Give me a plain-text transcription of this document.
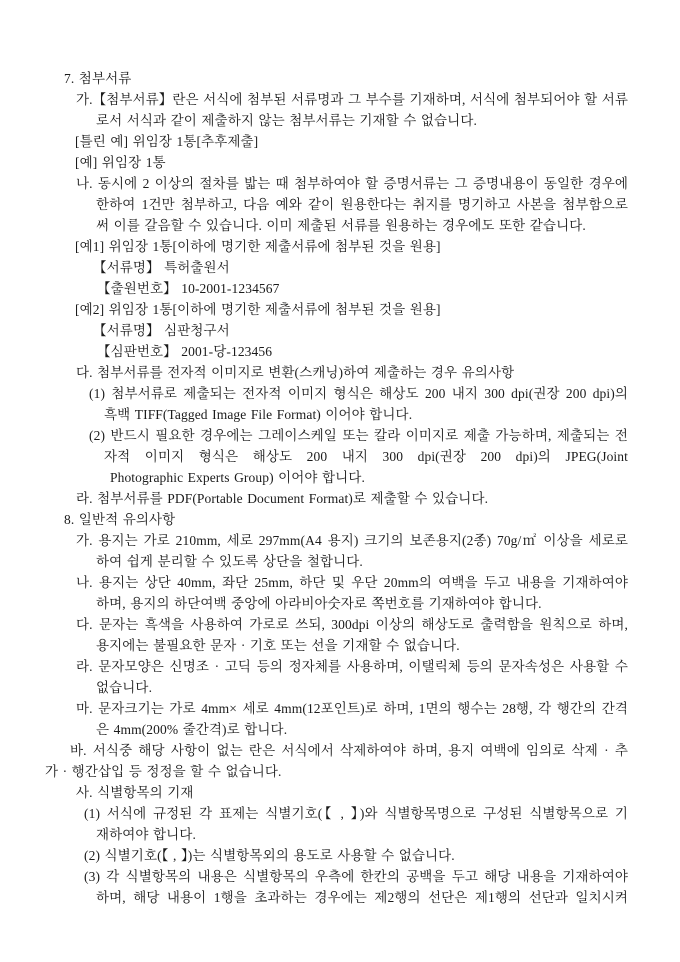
7. 첨부서류
가.【첨부서류】란은 서식에 첨부된 서류명과 그 부수를 기재하며, 서식에 첨부되어야 할 서류
로서 서식과 같이 제출하지 않는 첨부서류는 기재할 수 없습니다.
[틀린 예] 위임장 1통[추후제출]
[예] 위임장 1통
나. 동시에 2 이상의 절차를 밟는 때 첨부하여야 할 증명서류는 그 증명내용이 동일한 경우에
한하여 1건만 첨부하고, 다음 예와 같이 원용한다는 취지를 명기하고 사본을 첨부함으로
써 이를 갈음할 수 있습니다. 이미 제출된 서류를 원용하는 경우에도 또한 같습니다.
[예1] 위임장 1통[이하에 명기한 제출서류에 첨부된 것을 원용]
【서류명】 특허출원서
【출원번호】 10-2001-1234567
[예2] 위임장 1통[이하에 명기한 제출서류에 첨부된 것을 원용]
【서류명】 심판청구서
【심판번호】 2001-당-123456
다. 첨부서류를 전자적 이미지로 변환(스캐닝)하여 제출하는 경우 유의사항
(1) 첨부서류로 제출되는 전자적 이미지 형식은 해상도 200 내지 300 dpi(권장 200 dpi)의
흑백 TIFF(Tagged Image File Format) 이어야 합니다.
(2) 반드시 필요한 경우에는 그레이스케일 또는 칼라 이미지로 제출 가능하며, 제출되는 전
자적 이미지 형식은 해상도 200 내지 300 dpi(권장 200 dpi)의 JPEG(Joint
Photographic Experts Group) 이어야 합니다.
라. 첨부서류를 PDF(Portable Document Format)로 제출할 수 있습니다.
8. 일반적 유의사항
가. 용지는 가로 210mm, 세로 297mm(A4 용지) 크기의 보존용지(2종) 70g/㎡ 이상을 세로로
하여 쉽게 분리할 수 있도록 상단을 철합니다.
나. 용지는 상단 40mm, 좌단 25mm, 하단 및 우단 20mm의 여백을 두고 내용을 기재하여야
하며, 용지의 하단여백 중앙에 아라비아숫자로 쪽번호를 기재하여야 합니다.
다. 문자는 흑색을 사용하여 가로로 쓰되, 300dpi 이상의 해상도로 출력함을 원칙으로 하며,
용지에는 불필요한 문자 · 기호 또는 선을 기재할 수 없습니다.
라. 문자모양은 신명조 · 고딕 등의 정자체를 사용하며, 이탤릭체 등의 문자속성은 사용할 수
없습니다.
마. 문자크기는 가로 4mm× 세로 4mm(12포인트)로 하며, 1면의 행수는 28행, 각 행간의 간격
은 4mm(200% 줄간격)로 합니다.
바. 서식중 해당 사항이 없는 란은 서식에서 삭제하여야 하며, 용지 여백에 임의로 삭제 · 추
가 · 행간삽입 등 정정을 할 수 없습니다.
사. 식별항목의 기재
(1) 서식에 규정된 각 표제는 식별기호(【 , 】)와 식별항목명으로 구성된 식별항목으로 기
재하여야 합니다.
(2) 식별기호(【 , 】)는 식별항목외의 용도로 사용할 수 없습니다.
(3) 각 식별항목의 내용은 식별항목의 우측에 한칸의 공백을 두고 해당 내용을 기재하여야
하며, 해당 내용이 1행을 초과하는 경우에는 제2행의 선단은 제1행의 선단과 일치시켜
